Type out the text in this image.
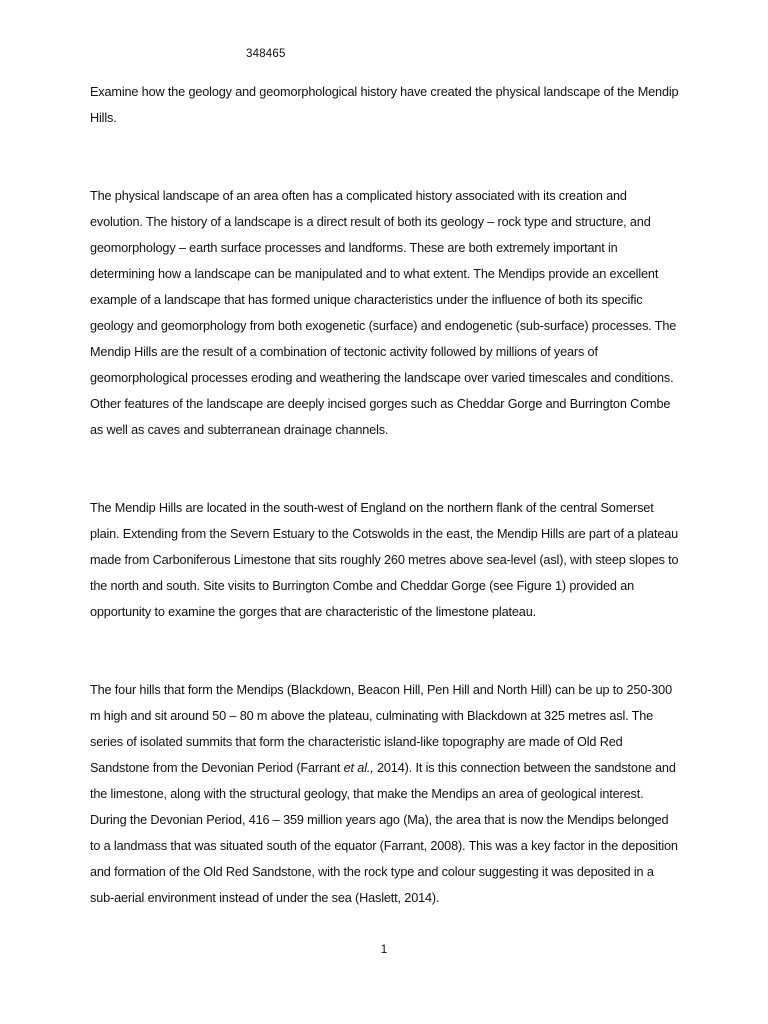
348465

Examine how the geology and geomorphological history have created the physical landscape of the Mendip Hills.

The physical landscape of an area often has a complicated history associated with its creation and evolution. The history of a landscape is a direct result of both its geology – rock type and structure, and geomorphology – earth surface processes and landforms. These are both extremely important in determining how a landscape can be manipulated and to what extent. The Mendips provide an excellent example of a landscape that has formed unique characteristics under the influence of both its specific geology and geomorphology from both exogenetic (surface) and endogenetic (sub-surface) processes. The Mendip Hills are the result of a combination of tectonic activity followed by millions of years of geomorphological processes eroding and weathering the landscape over varied timescales and conditions. Other features of the landscape are deeply incised gorges such as Cheddar Gorge and Burrington Combe as well as caves and subterranean drainage channels.

The Mendip Hills are located in the south-west of England on the northern flank of the central Somerset plain. Extending from the Severn Estuary to the Cotswolds in the east, the Mendip Hills are part of a plateau made from Carboniferous Limestone that sits roughly 260 metres above sea-level (asl), with steep slopes to the north and south. Site visits to Burrington Combe and Cheddar Gorge (see Figure 1) provided an opportunity to examine the gorges that are characteristic of the limestone plateau.

The four hills that form the Mendips (Blackdown, Beacon Hill, Pen Hill and North Hill) can be up to 250-300 m high and sit around 50 – 80 m above the plateau, culminating with Blackdown at 325 metres asl. The series of isolated summits that form the characteristic island-like topography are made of Old Red Sandstone from the Devonian Period (Farrant et al., 2014). It is this connection between the sandstone and the limestone, along with the structural geology, that make the Mendips an area of geological interest. During the Devonian Period, 416 – 359 million years ago (Ma), the area that is now the Mendips belonged to a landmass that was situated south of the equator (Farrant, 2008). This was a key factor in the deposition and formation of the Old Red Sandstone, with the rock type and colour suggesting it was deposited in a sub-aerial environment instead of under the sea (Haslett, 2014).

1
